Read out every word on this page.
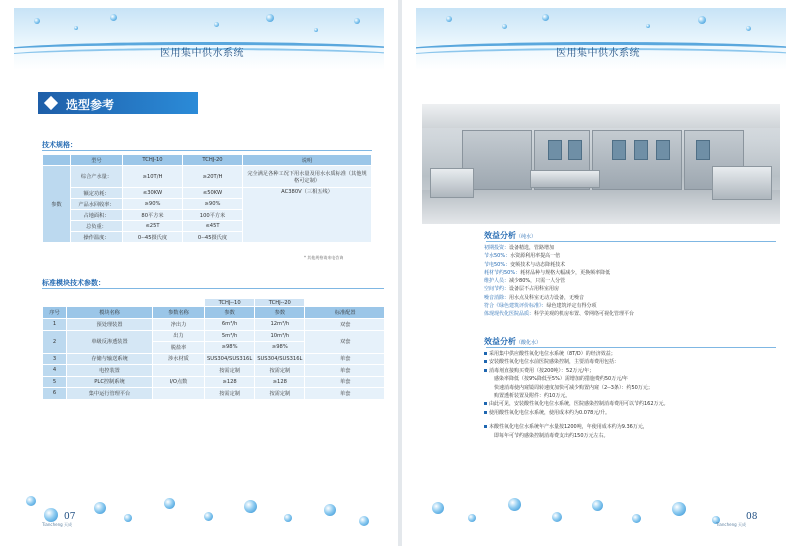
医用集中供水系统
选型参考
技术规格：
	型号	TCHJ-10	TCHJ-20	说明
参数	综合产水量：	≥10T/H	≥20T/H	完全满足各种工况下用水量及用水水质标准（其他规格可定制）
	额定功耗：	≤30KW	≤50KW	AC380V（三相五线）
	产品水回收率：	≥90%	≥90%	
	占地面积：	80平方米	100平方米	
	总负重：	≤25T	≤45T	
	操作温度：	0--45摄氏度	0--45摄氏度	
* 其他规格请来电咨询
标准模块技术参数：
			TCHJ--10	TCHJ--20	
序号	模块名称	参数名称	参数	参数	标准配置
1	预处理装置	净出力	6m³/h	12m³/h	双套
2	单级反渗透装置	出力	5m³/h	10m³/h	双套
		脱盐率	≥98%	≥98%	
3	存储与输送系统	涉水材质	SUS304/SUS316L	SUS304/SUS316L	单套
4	电控装置		按需定制	按需定制	单套
5	PLC控制系统	I/O点数	≥128	≥128	单套
6	集中运行管理平台		按需定制	按需定制	单套
07
Tiancheng 天成
医用集中供水系统
效益分析（纯水）
初期投资：设备精选，管路增加
节水50%：水资源利用率提高一倍
节电50%：变频技术与动态降耗技术
耗材节约50%：耗材品种与规格大幅减少，更换频率降低
维护人员：减少80%，只需一人分管
空间节约：设备层不占用科室用房
噪音消除：用水点及科室无动力设备，无噪音
符合《绿色建筑评价标准》：绿色建筑评定有得分项
体现现代化医院品质：科学美观的机房布置、带网络可视化管理平台
效益分析（酸化水）
采用集中供应酸性氧化电位水系统（8T/D）的经济效益；
安装酸性氧化电位水前医院感染控制，主要消毒费用包括：
消毒剂直接购买费用（按200吨）：52万元/年；
感染率降低（按9%降低至5%）需增加的措施费约50万元/年
快速消毒使内窥镜周转速度加快可减少购置内窥（2--3条）：约50万元；
购置透析装置及附件：约10万元。
由此可见，安装酸性氧化电位水系统，医院感染控制消毒费用可以节约162万元。
使用酸性氧化电位水系统，使用成本约为0.078元/升。
本酸性氧化电位水系统年产水量按1200吨，年使用成本约为9.36万元，
即每年可节约感染控制消毒费支出约150万元左右。
08
Tiancheng 天成
